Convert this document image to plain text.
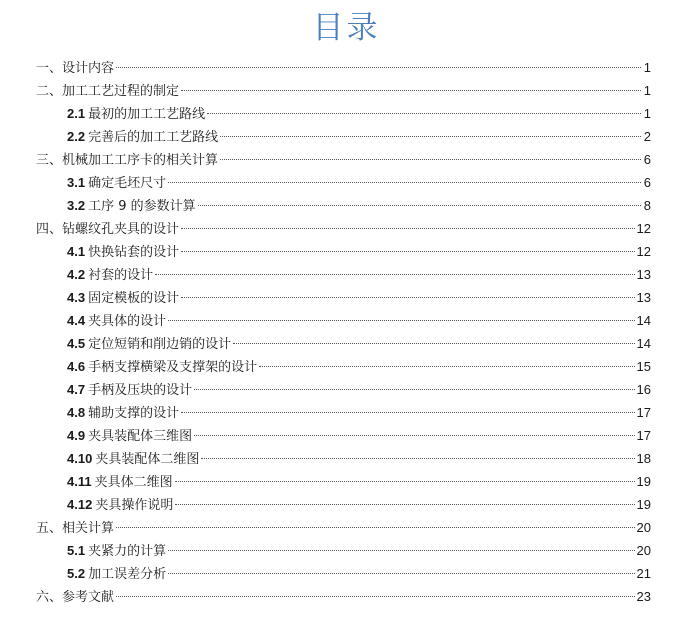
目录
一、设计内容	1
二、加工工艺过程的制定	1
2.1 最初的加工工艺路线	1
2.2 完善后的加工工艺路线	2
三、机械加工工序卡的相关计算	6
3.1 确定毛坯尺寸	6
3.2 工序 9 的参数计算	8
四、钻螺纹孔夹具的设计	12
4.1 快换钻套的设计	12
4.2 衬套的设计	13
4.3 固定模板的设计	13
4.4 夹具体的设计	14
4.5 定位短销和削边销的设计	14
4.6 手柄支撑横梁及支撑架的设计	15
4.7 手柄及压块的设计	16
4.8 辅助支撑的设计	17
4.9 夹具装配体三维图	17
4.10 夹具装配体二维图	18
4.11 夹具体二维图	19
4.12 夹具操作说明	19
五、相关计算	20
5.1 夹紧力的计算	20
5.2 加工误差分析	21
六、参考文献	23
